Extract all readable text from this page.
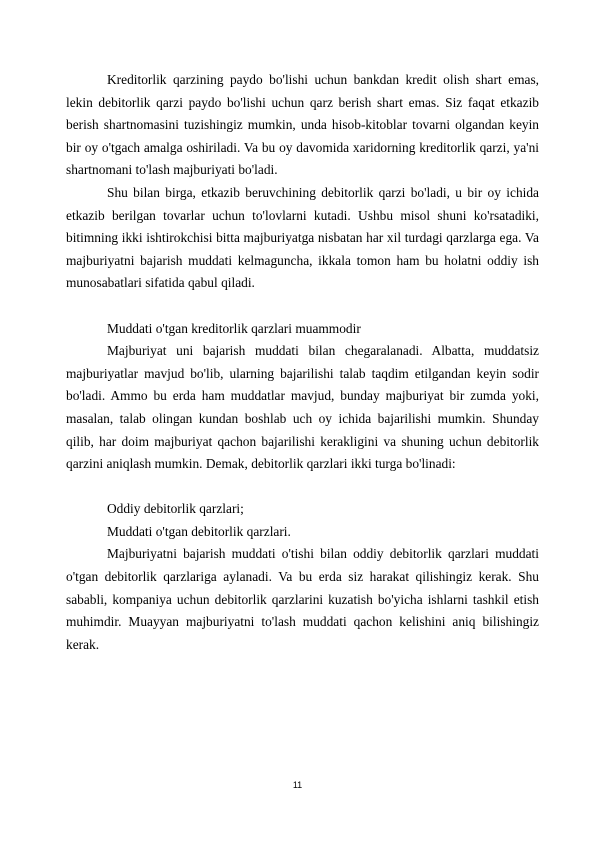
Kreditorlik qarzining paydo bo'lishi uchun bankdan kredit olish shart emas, lekin debitorlik qarzi paydo bo'lishi uchun qarz berish shart emas. Siz faqat etkazib berish shartnomasini tuzishingiz mumkin, unda hisob-kitoblar tovarni olgandan keyin bir oy o'tgach amalga oshiriladi. Va bu oy davomida xaridorning kreditorlik qarzi, ya'ni shartnomani to'lash majburiyati bo'ladi.

Shu bilan birga, etkazib beruvchining debitorlik qarzi bo'ladi, u bir oy ichida etkazib berilgan tovarlar uchun to'lovlarni kutadi. Ushbu misol shuni ko'rsatadiki, bitimning ikki ishtirokchisi bitta majburiyatga nisbatan har xil turdagi qarzlarga ega. Va majburiyatni bajarish muddati kelmaguncha, ikkala tomon ham bu holatni oddiy ish munosabatlari sifatida qabul qiladi.

Muddati o'tgan kreditorlik qarzlari muammodir

Majburiyat uni bajarish muddati bilan chegaralanadi. Albatta, muddatsiz majburiyatlar mavjud bo'lib, ularning bajarilishi talab taqdim etilgandan keyin sodir bo'ladi. Ammo bu erda ham muddatlar mavjud, bunday majburiyat bir zumda yoki, masalan, talab olingan kundan boshlab uch oy ichida bajarilishi mumkin. Shunday qilib, har doim majburiyat qachon bajarilishi kerakligini va shuning uchun debitorlik qarzini aniqlash mumkin. Demak, debitorlik qarzlari ikki turga bo'linadi:

Oddiy debitorlik qarzlari;

Muddati o'tgan debitorlik qarzlari.

Majburiyatni bajarish muddati o'tishi bilan oddiy debitorlik qarzlari muddati o'tgan debitorlik qarzlariga aylanadi. Va bu erda siz harakat qilishingiz kerak. Shu sababli, kompaniya uchun debitorlik qarzlarini kuzatish bo'yicha ishlarni tashkil etish muhimdir. Muayyan majburiyatni to'lash muddati qachon kelishini aniq bilishingiz kerak.

11
